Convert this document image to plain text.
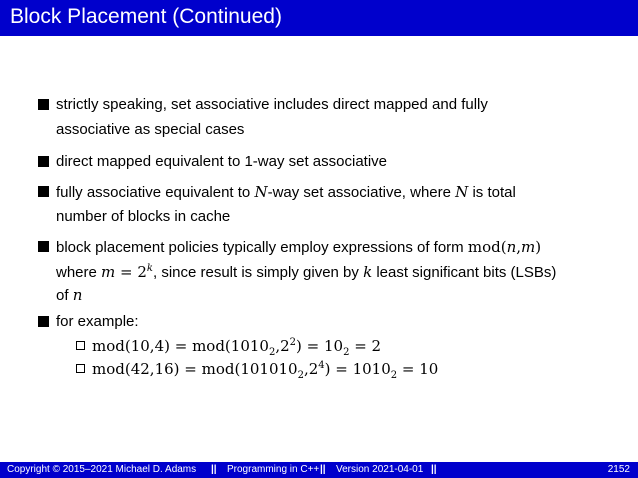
Block Placement (Continued)
strictly speaking, set associative includes direct mapped and fully
associative as special cases
direct mapped equivalent to 1-way set associative
fully associative equivalent to N-way set associative, where N is total
number of blocks in cache
block placement policies typically employ expressions of form mod(n,m)
where $m = 2^k$, since result is simply given by k least significant bits (LSBs)
of n
for example:
$mod(10,4) = mod(1010_2,2^2) = 10_2 = 2$
$mod(42,16) = mod(101010_2,2^4) = 1010_2 = 10$
Copyright © 2015–2021 Michael D. Adams || Programming in C++ || Version 2021-04-01 ||	2152
